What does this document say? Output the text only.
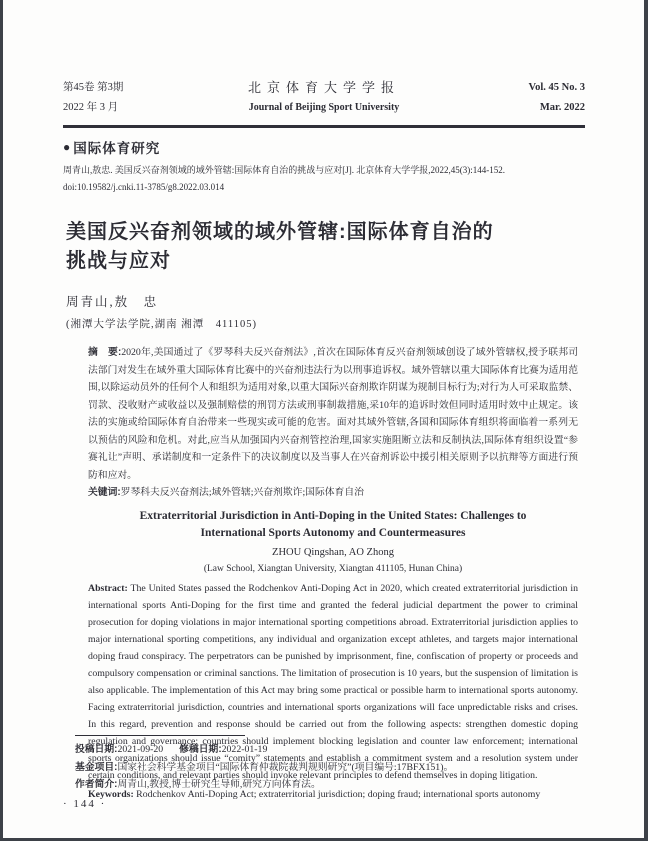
第45卷 第3期
2022 年 3 月
北京体育大学学报
Journal of Beijing Sport University
Vol. 45 No. 3
Mar. 2022
● 国际体育研究
周青山,敖忠. 美国反兴奋剂领域的域外管辖:国际体育自治的挑战与应对[J]. 北京体育大学学报,2022,45(3):144-152.
doi:10.19582/j.cnki.11-3785/g8.2022.03.014
美国反兴奋剂领域的域外管辖:国际体育自治的
挑战与应对
周青山,敖　忠
(湘潭大学法学院,湖南 湘潭　411105)

摘　要:2020年,美国通过了《罗琴科夫反兴奋剂法》,首次在国际体育反兴奋剂领域创设了域外管辖权,授予联邦司法部门对发生在域外重大国际体育比赛中的兴奋剂违法行为以刑事追诉权。域外管辖以重大国际体育比赛为适用范围,以除运动员外的任何个人和组织为适用对象,以重大国际兴奋剂欺诈阴谋为规制目标行为;对行为人可采取监禁、罚款、没收财产或收益以及强制赔偿的刑罚方法或刑事制裁措施,采10年的追诉时效但同时适用时效中止规定。该法的实施或给国际体育自治带来一些现实或可能的危害。面对其域外管辖,各国和国际体育组织将面临着一系列无以预估的风险和危机。对此,应当从加强国内兴奋剂管控治理,国家实施阻断立法和反制执法,国际体育组织设置“参赛礼让”声明、承诺制度和一定条件下的决议制度以及当事人在兴奋剂诉讼中援引相关原则予以抗辩等方面进行预防和应对。

关键词:罗琴科夫反兴奋剂法;域外管辖;兴奋剂欺诈;国际体育自治

Extraterritorial Jurisdiction in Anti-Doping in the United States: Challenges to
International Sports Autonomy and Countermeasures
ZHOU Qingshan, AO Zhong
(Law School, Xiangtan University, Xiangtan 411105, Hunan China)

Abstract: The United States passed the Rodchenkov Anti-Doping Act in 2020, which created extraterritorial jurisdiction in international sports Anti-Doping for the first time and granted the federal judicial department the power to criminal prosecution for doping violations in major international sporting competitions abroad. Extraterritorial jurisdiction applies to major international sporting competitions, any individual and organization except athletes, and targets major international doping fraud conspiracy. The perpetrators can be punished by imprisonment, fine, confiscation of property or proceeds and compulsory compensation or criminal sanctions. The limitation of prosecution is 10 years, but the suspension of limitation is also applicable. The implementation of this Act may bring some practical or possible harm to international sports autonomy. Facing extraterritorial jurisdiction, countries and international sports organizations will face unpredictable risks and crises. In this regard, prevention and response should be carried out from the following aspects: strengthen domestic doping regulation and governance; countries should implement blocking legislation and counter law enforcement; international sports organizations should issue “comity” statements and establish a commitment system and a resolution system under certain conditions, and relevant parties should invoke relevant principles to defend themselves in doping litigation.

Keywords: Rodchenkov Anti-Doping Act; extraterritorial jurisdiction; doping fraud; international sports autonomy

投稿日期:2021-09-20 修稿日期:2022-01-19

基金项目:国家社会科学基金项目“国际体育仲裁院裁判规则研究”(项目编号:17BFX151)。

作者简介:周青山,教授,博士研究生导师,研究方向体育法。

· 144 ·
